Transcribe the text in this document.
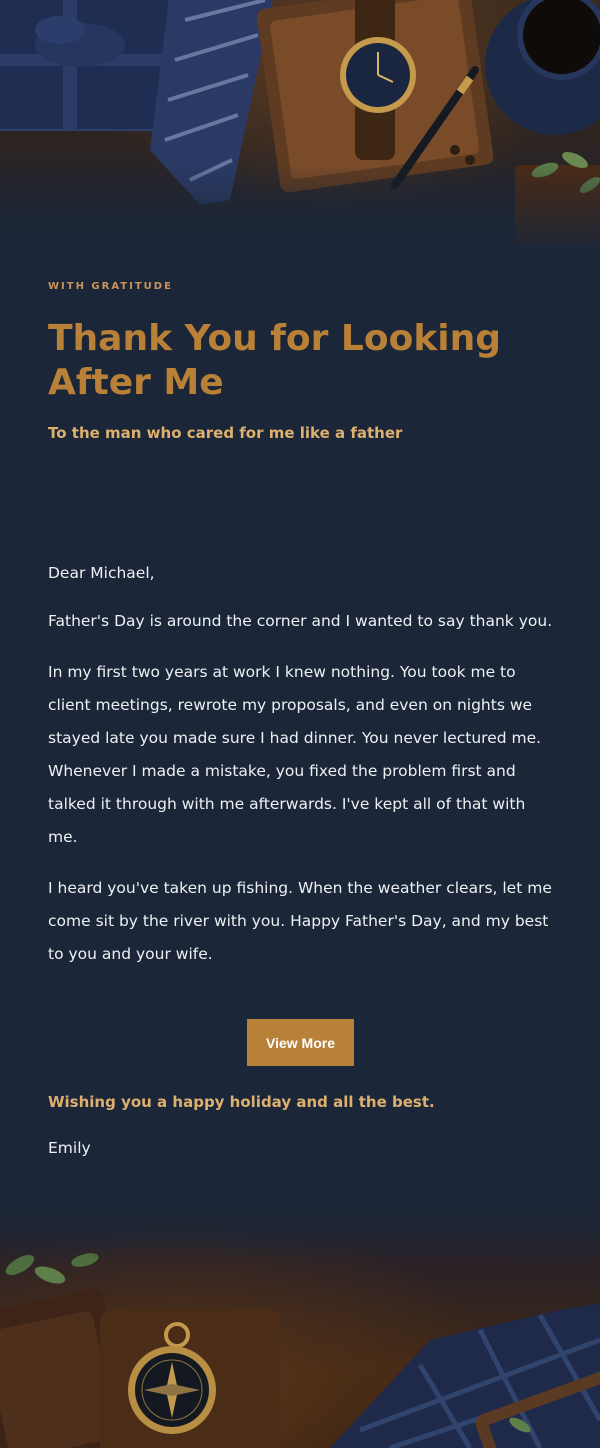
WITH GRATITUDE
Thank You for Looking After Me
To the man who cared for me like a father

Dear Michael,

Father's Day is around the corner and I wanted to say thank you.

In my first two years at work I knew nothing. You took me to client meetings, rewrote my proposals, and even on nights we stayed late you made sure I had dinner. You never lectured me. Whenever I made a mistake, you fixed the problem first and talked it through with me afterwards. I've kept all of that with me.

I heard you've taken up fishing. When the weather clears, let me come sit by the river with you. Happy Father's Day, and my best to you and your wife.

View More
Wishing you a happy holiday and all the best.
Emily
